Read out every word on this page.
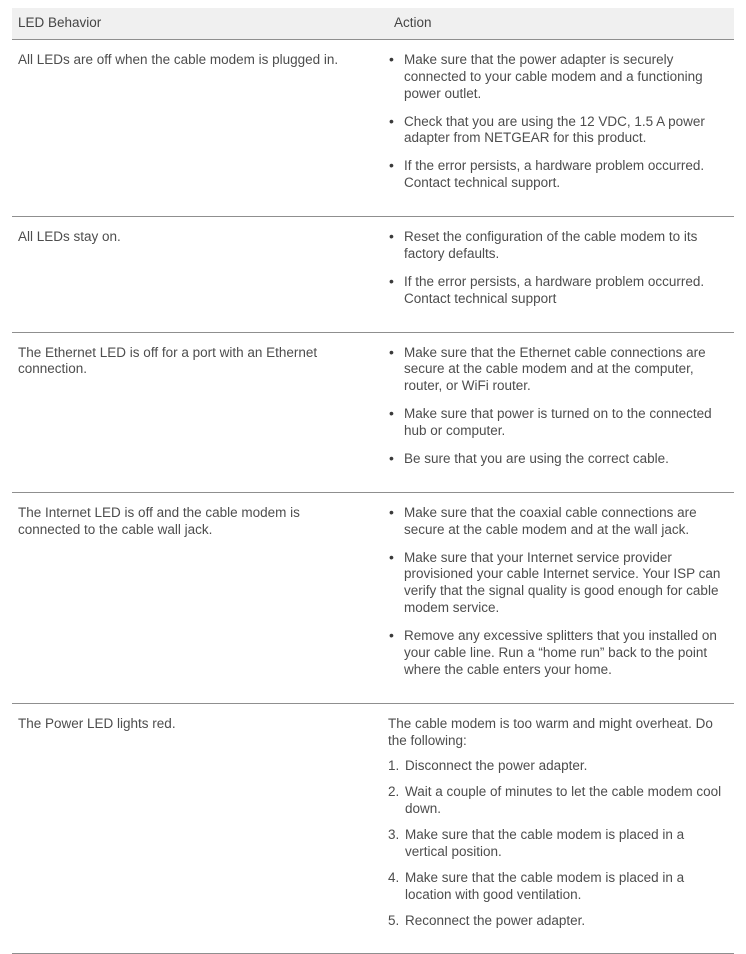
LED Behavior	Action
All LEDs are off when the cable modem is plugged in.	
•Make sure that the power adapter is securely connected to your cable modem and a functioning power outlet.
• Check that you are using the 12 VDC, 1.5 A power adapter from NETGEAR for this product.
• If the error persists, a hardware problem occurred. Contact technical support.

All LEDs stay on.	
•Reset the configuration of the cable modem to its factory defaults.
• If the error persists, a hardware problem occurred. Contact technical support

The Ethernet LED is off for a port with an Ethernet connection.	
• Make sure that the Ethernet cable connections are secure at the cable modem and at the computer, router, or WiFi router.
• Make sure that power is turned on to the connected hub or computer.
• Be sure that you are using the correct cable.

The Internet LED is off and the cable modem is connected to the cable wall jack.	
• Make sure that the coaxial cable connections are secure at the cable modem and at the wall jack.
• Make sure that your Internet service provider provisioned your cable Internet service. Your ISP can verify that the signal quality is good enough for cable modem service.
• Remove any excessive splitters that you installed on your cable line. Run a “home run” back to the point where the cable enters your home.

The Power LED lights red.	The cable modem is too warm and might overheat. Do the following:

Disconnect the power adapter.
Wait a couple of minutes to let the cable modem cool down.
Make sure that the cable modem is placed in a vertical position.
Make sure that the cable modem is placed in a location with good ventilation.
Reconnect the power adapter.
